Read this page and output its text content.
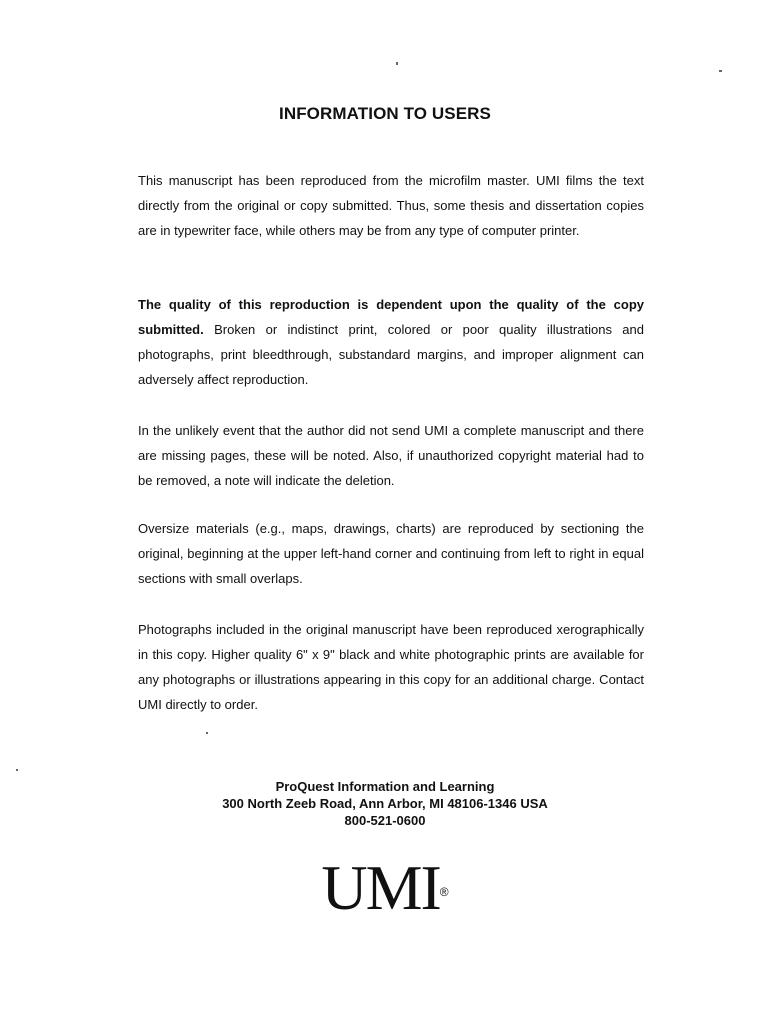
INFORMATION TO USERS
This manuscript has been reproduced from the microfilm master. UMI films the text directly from the original or copy submitted. Thus, some thesis and dissertation copies are in typewriter face, while others may be from any type of computer printer.
The quality of this reproduction is dependent upon the quality of the copy submitted. Broken or indistinct print, colored or poor quality illustrations and photographs, print bleedthrough, substandard margins, and improper alignment can adversely affect reproduction.
In the unlikely event that the author did not send UMI a complete manuscript and there are missing pages, these will be noted. Also, if unauthorized copyright material had to be removed, a note will indicate the deletion.
Oversize materials (e.g., maps, drawings, charts) are reproduced by sectioning the original, beginning at the upper left-hand corner and continuing from left to right in equal sections with small overlaps.
Photographs included in the original manuscript have been reproduced xerographically in this copy. Higher quality 6" x 9" black and white photographic prints are available for any photographs or illustrations appearing in this copy for an additional charge. Contact UMI directly to order.
ProQuest Information and Learning
300 North Zeeb Road, Ann Arbor, MI 48106-1346 USA
800-521-0600
UMI®
